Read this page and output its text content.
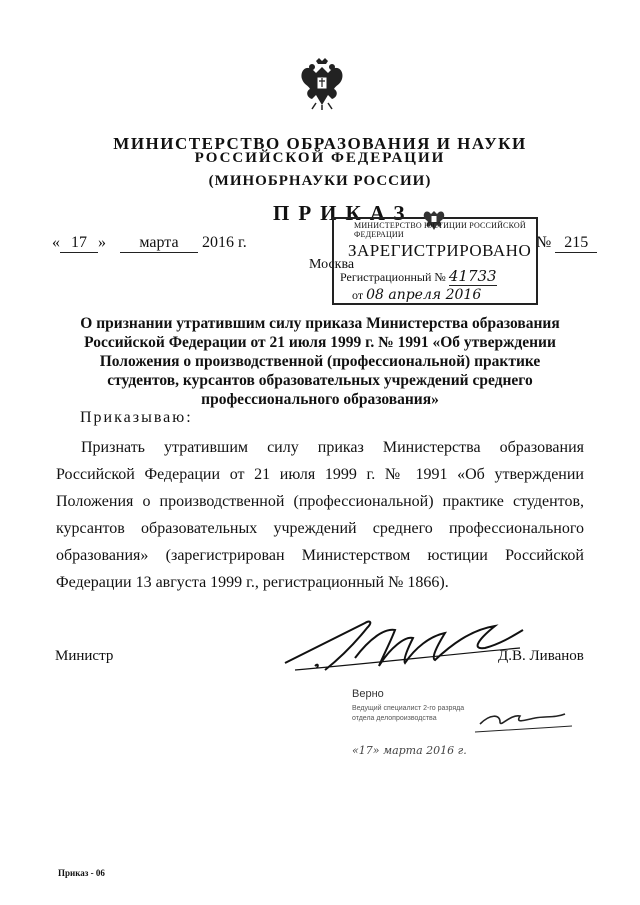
МИНИСТЕРСТВО ОБРАЗОВАНИЯ И НАУКИ
РОССИЙСКОЙ ФЕДЕРАЦИИ
(МИНОБРНАУКИ РОССИИ)
ПРИКАЗ
« 17 » марта 2016 г.	№ 215
Москва
МИНИСТЕРСТВО ЮСТИЦИИ РОССИЙСКОЙ ФЕДЕРАЦИИ
ЗАРЕГИСТРИРОВАНО
Регистрационный № 41733
от 08 апреля 2016
О признании утратившим силу приказа Министерства образования Российской Федерации от 21 июля 1999 г. № 1991 «Об утверждении Положения о производственной (профессиональной) практике студентов, курсантов образовательных учреждений среднего профессионального образования»
Приказываю:
Признать утратившим силу приказ Министерства образования Российской Федерации от 21 июля 1999 г. № 1991 «Об утверждении Положения о производственной (профессиональной) практике студентов, курсантов образовательных учреждений среднего профессионального образования» (зарегистрирован Министерством юстиции Российской Федерации 13 августа 1999 г., регистрационный № 1866).
Министр	Д.В. Ливанов
Верно
Ведущий специалист 2-го разряда
отдела делопроизводства
«17» марта 2016 г.
Приказ - 06
